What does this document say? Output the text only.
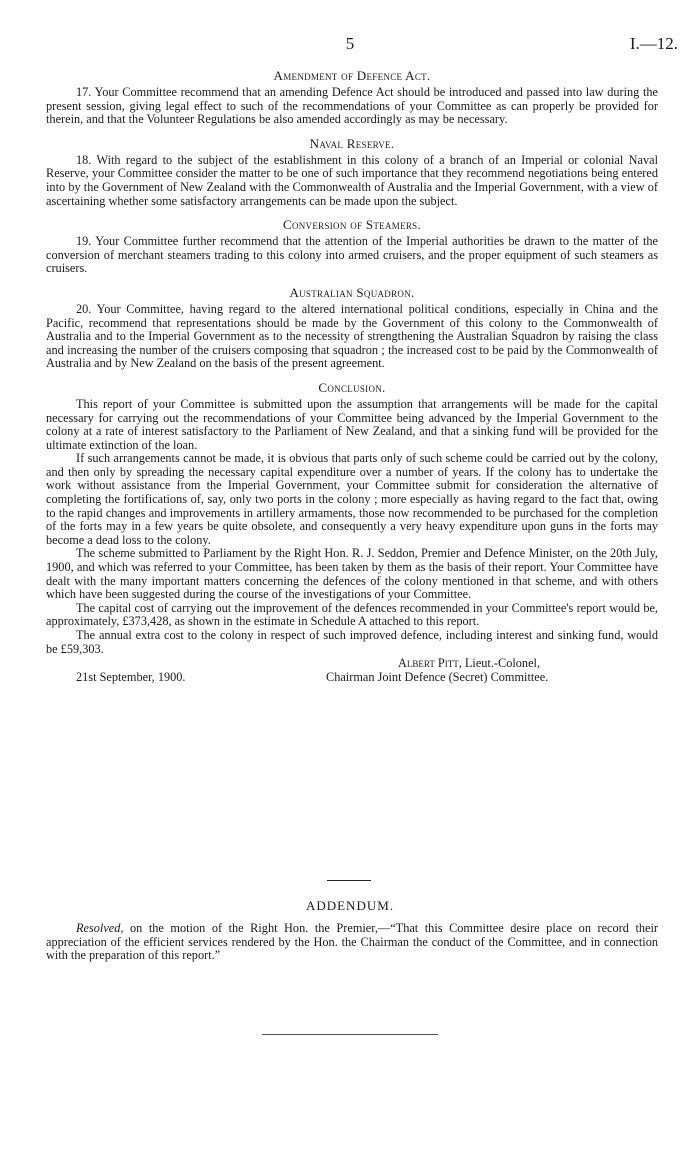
5	I.—12.
Amendment of Defence Act.

17. Your Committee recommend that an amending Defence Act should be introduced and passed into law during the present session, giving legal effect to such of the recommendations of your Committee as can properly be provided for therein, and that the Volunteer Regulations be also amended accordingly as may be necessary.

Naval Reserve.

18. With regard to the subject of the establishment in this colony of a branch of an Imperial or colonial Naval Reserve, your Committee consider the matter to be one of such importance that they recommend negotiations being entered into by the Government of New Zealand with the Commonwealth of Australia and the Imperial Government, with a view of ascertaining whether some satisfactory arrangements can be made upon the subject.

Conversion of Steamers.

19. Your Committee further recommend that the attention of the Imperial authorities be drawn to the matter of the conversion of merchant steamers trading to this colony into armed cruisers, and the proper equipment of such steamers as cruisers.

Australian Squadron.

20. Your Committee, having regard to the altered international political conditions, especially in China and the Pacific, recommend that representations should be made by the Government of this colony to the Commonwealth of Australia and to the Imperial Government as to the necessity of strengthening the Australian Squadron by raising the class and increasing the number of the cruisers composing that squadron ; the increased cost to be paid by the Commonwealth of Australia and by New Zealand on the basis of the present agreement.

Conclusion.

This report of your Committee is submitted upon the assumption that arrangements will be made for the capital necessary for carrying out the recommendations of your Committee being advanced by the Imperial Government to the colony at a rate of interest satisfactory to the Parliament of New Zealand, and that a sinking fund will be provided for the ultimate extinction of the loan.

If such arrangements cannot be made, it is obvious that parts only of such scheme could be carried out by the colony, and then only by spreading the necessary capital expenditure over a number of years. If the colony has to undertake the work without assistance from the Imperial Government, your Committee submit for consideration the alternative of completing the fortifications of, say, only two ports in the colony ; more especially as having regard to the fact that, owing to the rapid changes and improvements in artillery armaments, those now recommended to be purchased for the completion of the forts may in a few years be quite obsolete, and consequently a very heavy expenditure upon guns in the forts may become a dead loss to the colony.

The scheme submitted to Parliament by the Right Hon. R. J. Seddon, Premier and Defence Minister, on the 20th July, 1900, and which was referred to your Committee, has been taken by them as the basis of their report. Your Committee have dealt with the many important matters concerning the defences of the colony mentioned in that scheme, and with others which have been suggested during the course of the investigations of your Committee.

The capital cost of carrying out the improvement of the defences recommended in your Committee's report would be, approximately, £373,428, as shown in the estimate in Schedule A attached to this report.

The annual extra cost to the colony in respect of such improved defence, including interest and sinking fund, would be £59,303.

Albert Pitt, Lieut.-Colonel,
21st September, 1900.	Chairman Joint Defence (Secret) Committee.
ADDENDUM.

Resolved, on the motion of the Right Hon. the Premier,—“That this Committee desire place on record their appreciation of the efficient services rendered by the Hon. the Chairman the conduct of the Committee, and in connection with the preparation of this report.”
